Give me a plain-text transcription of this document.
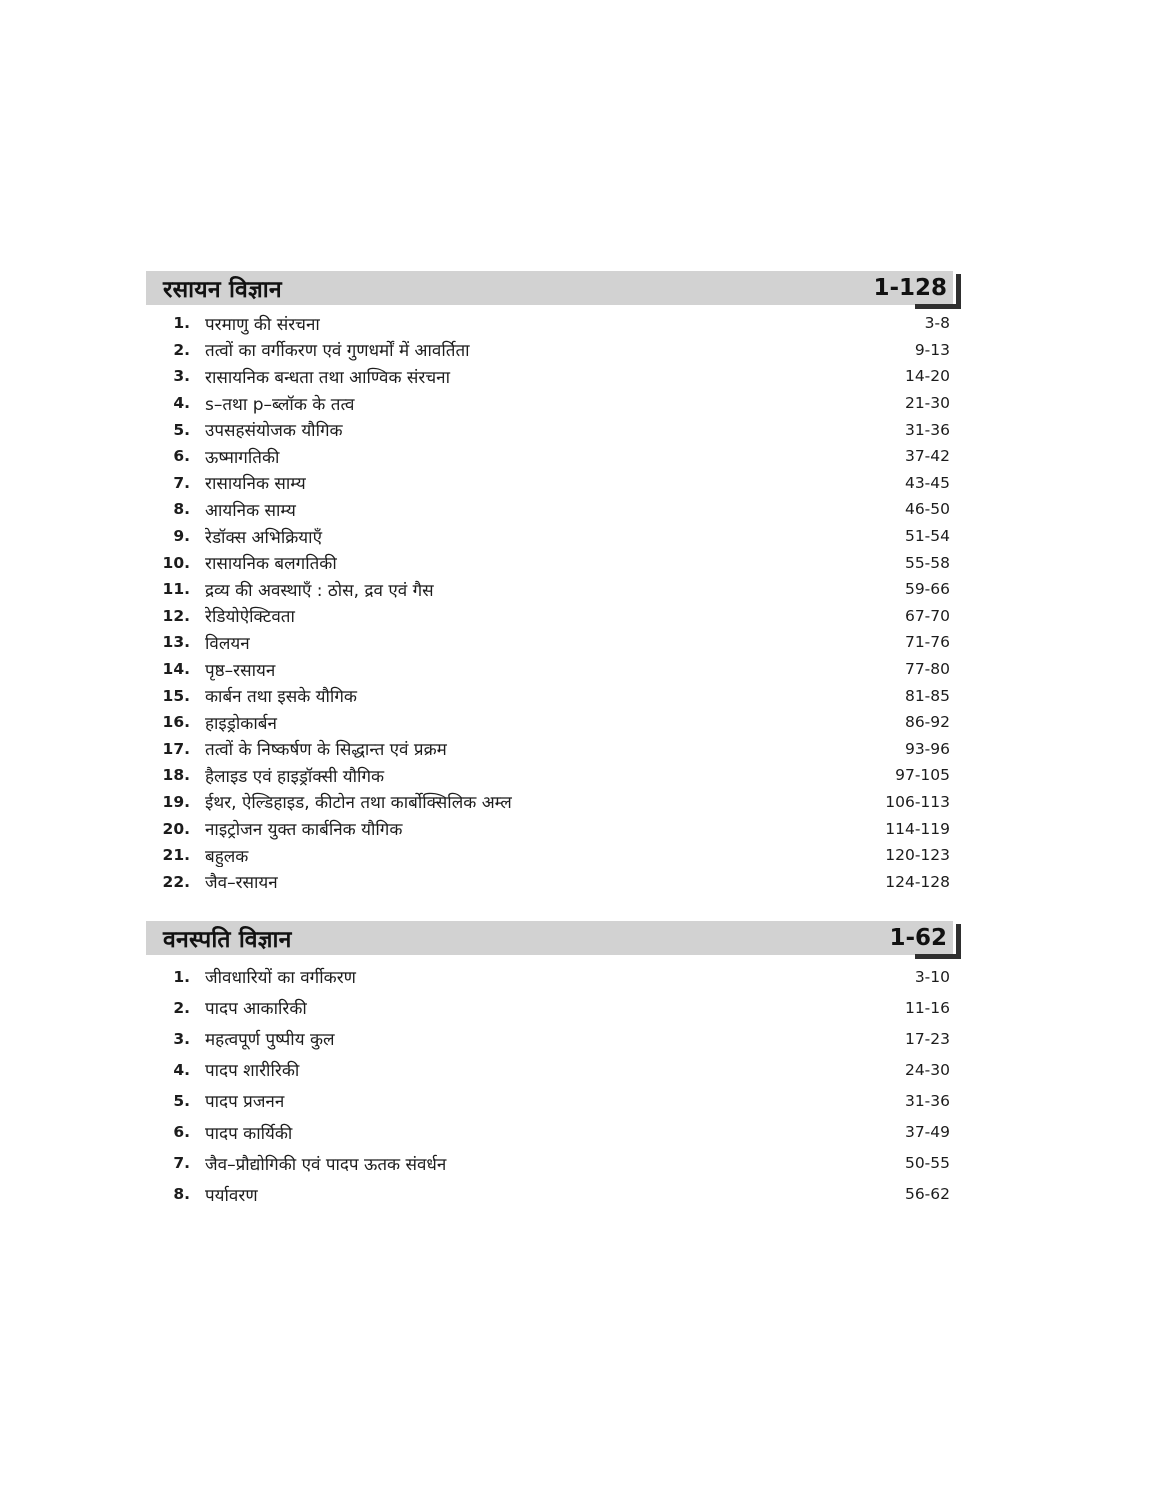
रसायन विज्ञान	1-128
1. परमाणु की संरचना	3-8
2. तत्वों का वर्गीकरण एवं गुणधर्मों में आवर्तिता	9-13
3. रासायनिक बन्धता तथा आण्विक संरचना	14-20
4. s–तथा p–ब्लॉक के तत्व	21-30
5. उपसहसंयोजक यौगिक	31-36
6. ऊष्मागतिकी	37-42
7. रासायनिक साम्य	43-45
8. आयनिक साम्य	46-50
9. रेडॉक्स अभिक्रियाएँ	51-54
10. रासायनिक बलगतिकी	55-58
11. द्रव्य की अवस्थाएँ : ठोस, द्रव एवं गैस	59-66
12. रेडियोऐक्टिवता	67-70
13. विलयन	71-76
14. पृष्ठ–रसायन	77-80
15. कार्बन तथा इसके यौगिक	81-85
16. हाइड्रोकार्बन	86-92
17. तत्वों के निष्कर्षण के सिद्धान्त एवं प्रक्रम	93-96
18. हैलाइड एवं हाइड्रॉक्सी यौगिक	97-105
19. ईथर, ऐल्डिहाइड, कीटोन तथा कार्बोक्सिलिक अम्ल	106-113
20. नाइट्रोजन युक्त कार्बनिक यौगिक	114-119
21. बहुलक	120-123
22. जैव–रसायन	124-128
वनस्पति विज्ञान	1-62
1. जीवधारियों का वर्गीकरण	3-10
2. पादप आकारिकी	11-16
3. महत्वपूर्ण पुष्पीय कुल	17-23
4. पादप शारीरिकी	24-30
5. पादप प्रजनन	31-36
6. पादप कार्यिकी	37-49
7. जैव–प्रौद्योगिकी एवं पादप ऊतक संवर्धन	50-55
8. पर्यावरण	56-62
